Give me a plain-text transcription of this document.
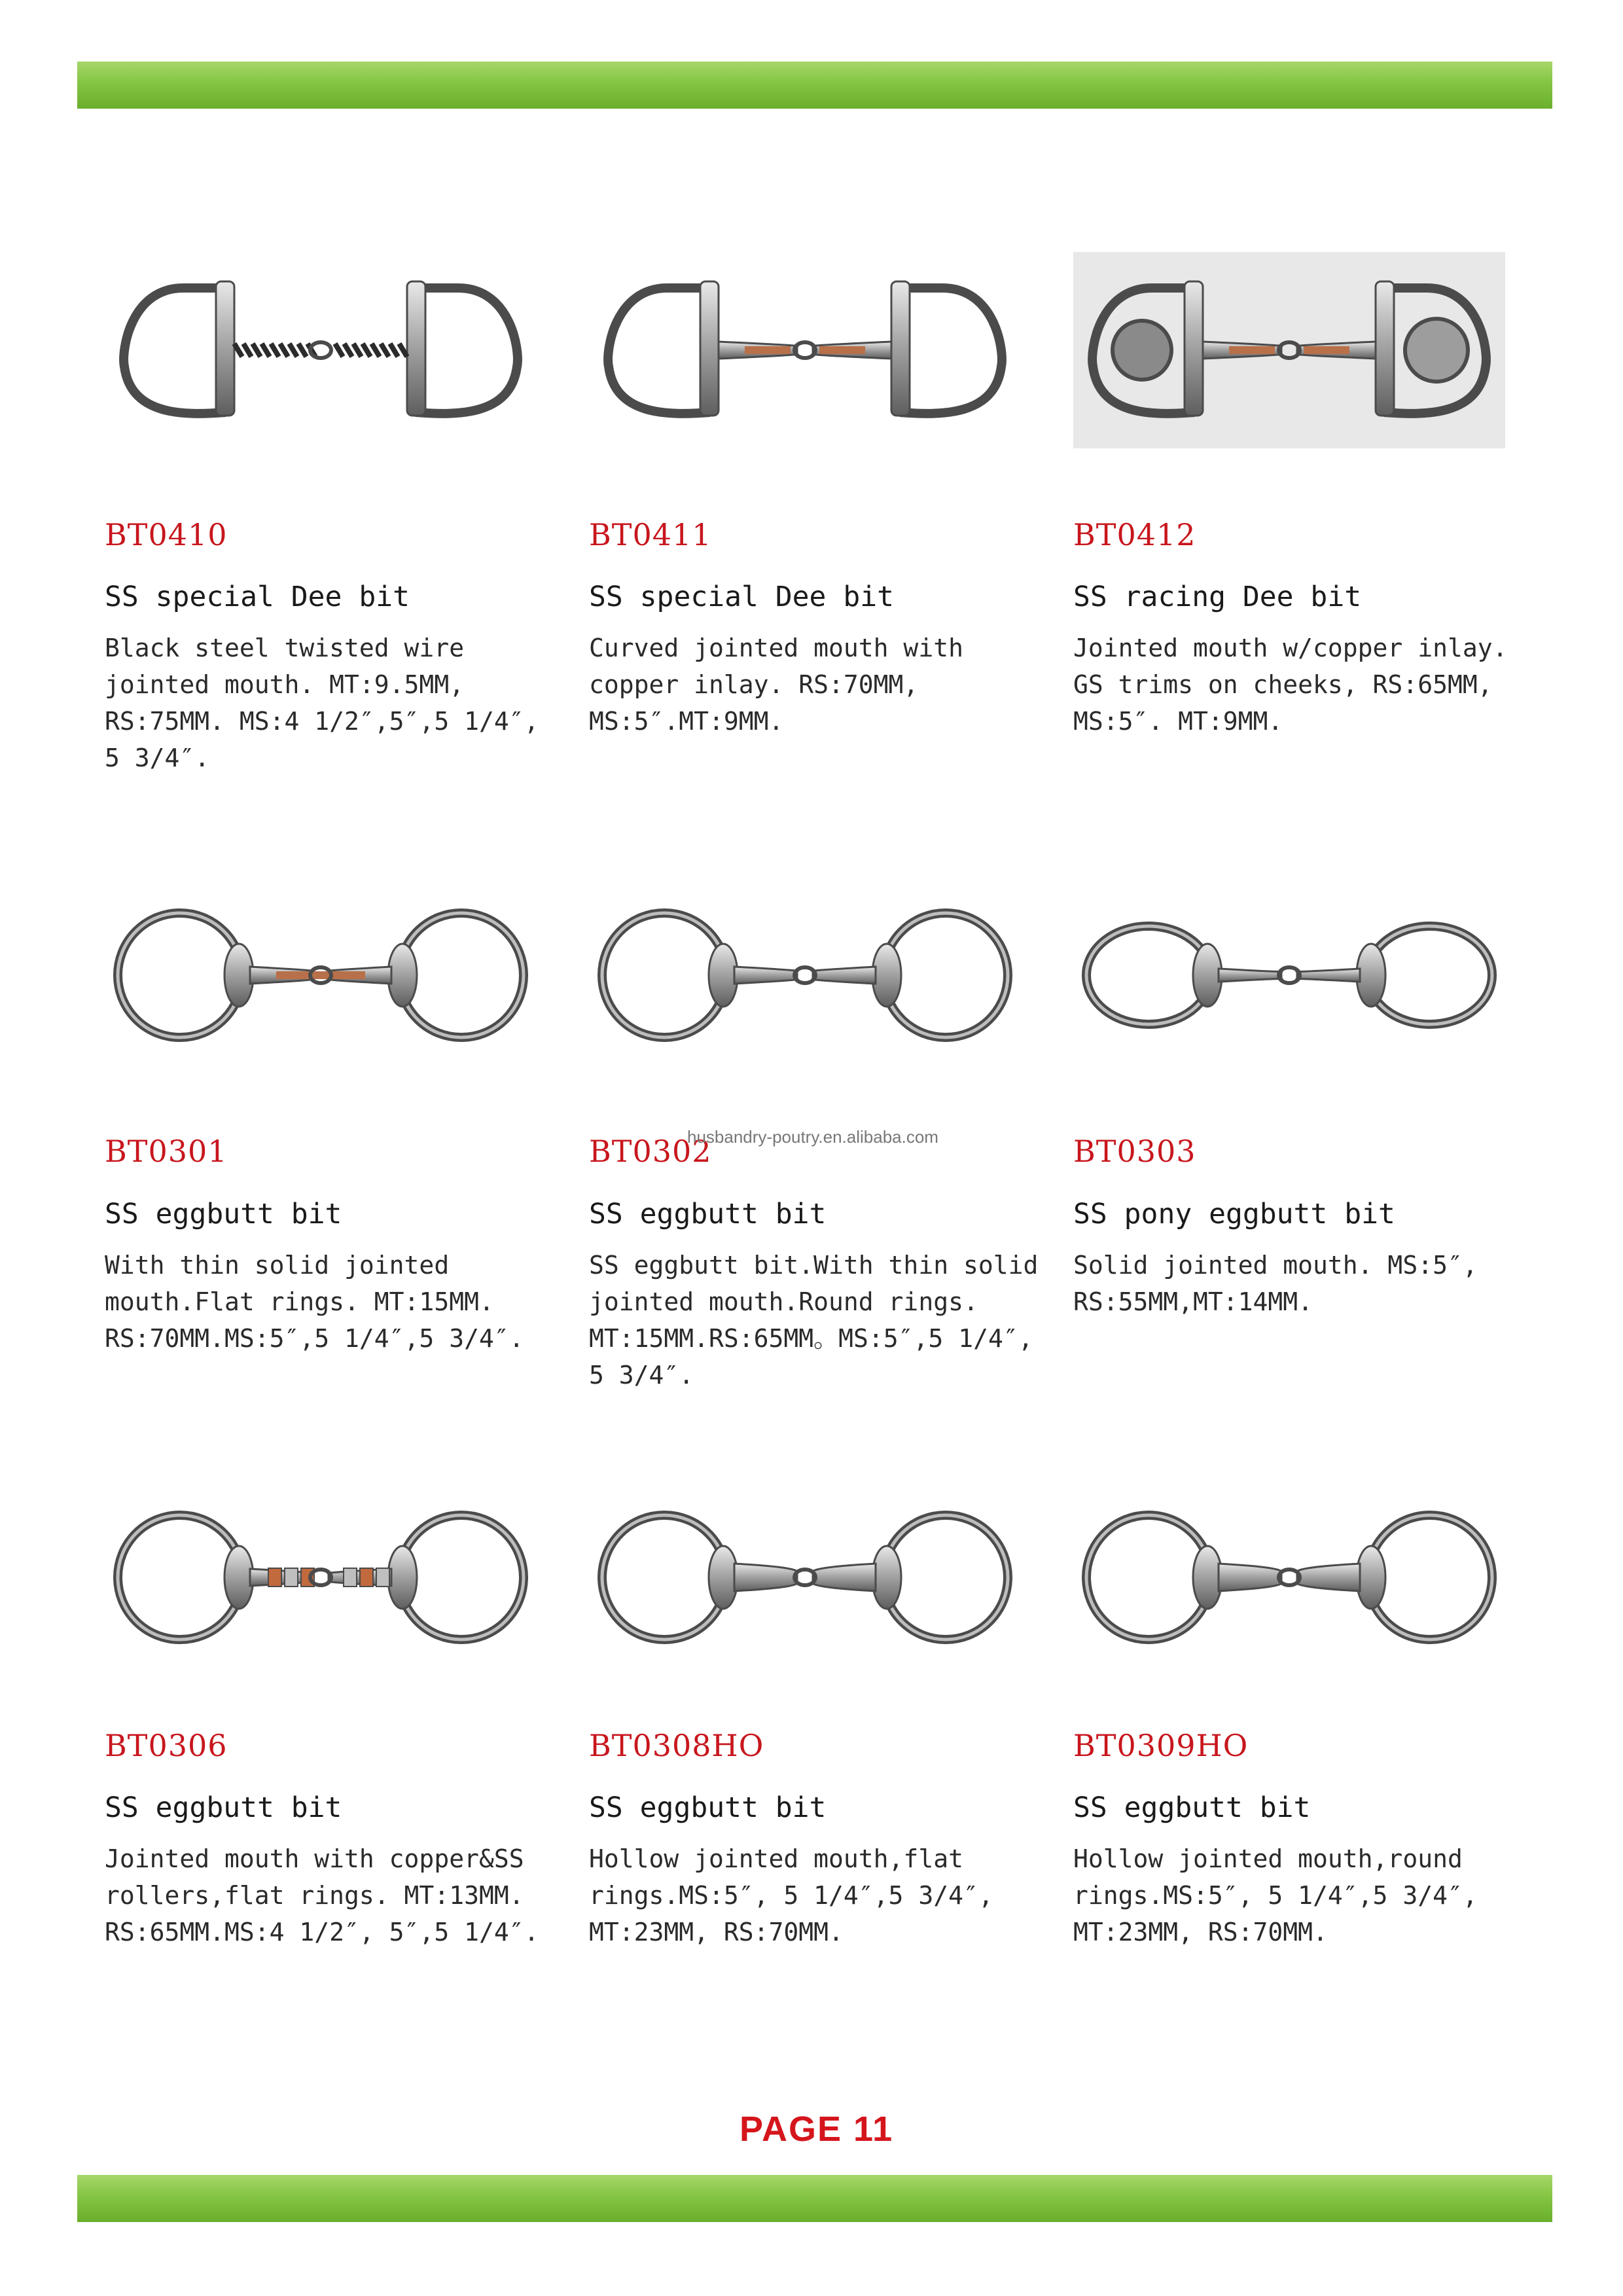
BT0410
SS special Dee bit
Black steel twisted wire
jointed mouth. MT:9.5MM,
RS:75MM. MS:4 1/2″,5″,5 1/4″,
5 3/4″.
BT0411
SS special Dee bit
Curved jointed mouth with
copper inlay. RS:70MM,
MS:5″.MT:9MM.
BT0412
SS racing Dee bit
Jointed mouth w/copper inlay.
GS trims on cheeks, RS:65MM,
MS:5″. MT:9MM.
BT0301
SS eggbutt bit
With thin solid jointed
mouth.Flat rings. MT:15MM.
RS:70MM.MS:5″,5 1/4″,5 3/4″.
BT0302
SS eggbutt bit
SS eggbutt bit.With thin solid
jointed mouth.Round rings.
MT:15MM.RS:65MM。MS:5″,5 1/4″,
5 3/4″.
BT0303
SS pony eggbutt bit
Solid jointed mouth. MS:5″,
RS:55MM,MT:14MM.
BT0306
SS eggbutt bit
Jointed mouth with copper&SS
rollers,flat rings. MT:13MM.
RS:65MM.MS:4 1/2″, 5″,5 1/4″.
BT0308HO
SS eggbutt bit
Hollow jointed mouth,flat
rings.MS:5″, 5 1/4″,5 3/4″,
MT:23MM, RS:70MM.
BT0309HO
SS eggbutt bit
Hollow jointed mouth,round
rings.MS:5″, 5 1/4″,5 3/4″,
MT:23MM, RS:70MM.
husbandry-poutry.en.alibaba.com
PAGE 11
